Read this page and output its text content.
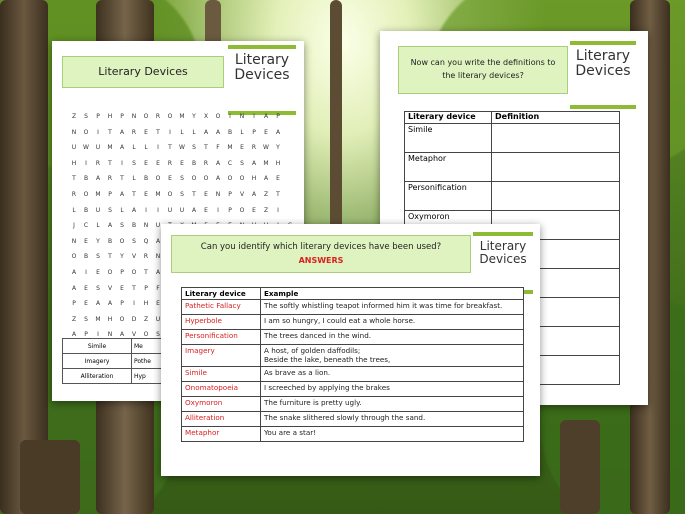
Literary Devices
Literary
Devices
Z	S	P	H	P	N	O	R	O	M	Y	X	O	I	N	I	A	P
N	O	I	T	A	R	E	T	I	L	L	A	A	B	L	P	E	A
U	W	U	M	A	L	L	I	T	W	S	T	F	M	E	R	W	Y
H	I	R	T	I	S	E	E	R	E	B	R	A	C	S	A	M	H
T	B	A	R	T	L	B	O	E	S	O	O	A	O	O	H	A	E
R	O	M	P	A	T	E	M	O	S	T	E	N	P	V	A	Z	T
L	B	U	S	L	A	I	I	U	U	A	E	I	P	O	E	Z	I
J	C	L	A	S	B	N	U
N	E	Y	B	O	S	Q	A
O	B	S	T	Y	V	R	N
A	I	E	O	P	O	T	A
A	E	S	V	E	T	P	F
P	E	A	A	P	I	H	E
Z	S	M	H	O	D	Z	U
A	P	I	N	A	V	O	S
Simile	Me
Imagery	Pothe
Alliteration	Hyp
Now can you write the definitions to
the literary devices?
Literary
Devices
Literary device	Definition
Simile	
Metaphor	
Personification	
Oxymoron	

Can you identify which literary devices have been used?
ANSWERS
Literary
Devices
Literary device	Example
Pathetic Fallacy	The softly whistling teapot informed him it was time for breakfast.

Hyperbole	I am so hungry, I could eat a whole horse.

Personification	The trees danced in the wind.

Imagery	A host, of golden daffodils;
Beside the lake, beneath the trees,

Simile	As brave as a lion.

Onomatopoeia	I screeched by applying the brakes

Oxymoron	The furniture is pretty ugly.

Alliteration	The snake slithered slowly through the sand.

Metaphor	You are a star!
